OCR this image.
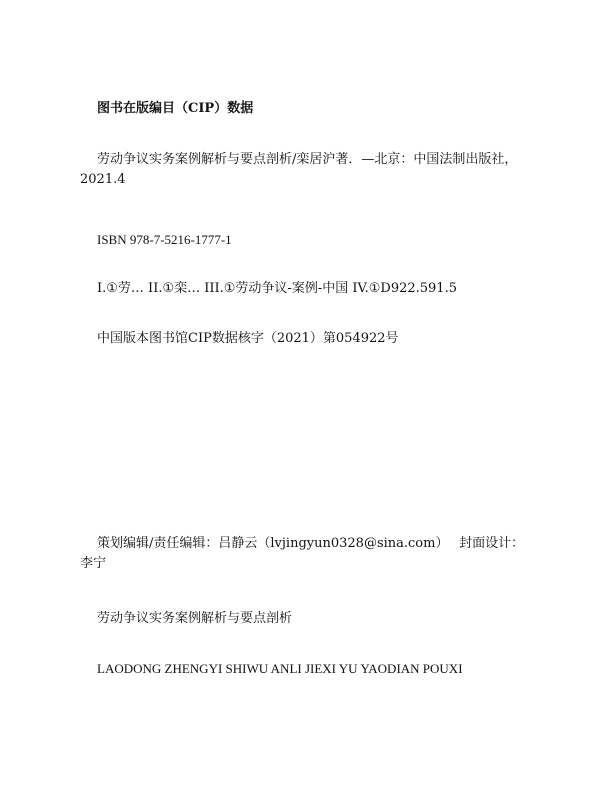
图书在版编目（CIP）数据
劳动争议实务案例解析与要点剖析/栾居沪著．—北京：中国法制出版社，2021.4
ISBN 978-7-5216-1777-1
I.①劳… II.①栾… III.①劳动争议-案例-中国 IV.①D922.591.5
中国版本图书馆CIP数据核字（2021）第054922号
策划编辑/责任编辑：吕静云（lvjingyun0328@sina.com）　 封面设计：李宁
劳动争议实务案例解析与要点剖析
LAODONG ZHENGYI SHIWU ANLI JIEXI YU YAODIAN POUXI
